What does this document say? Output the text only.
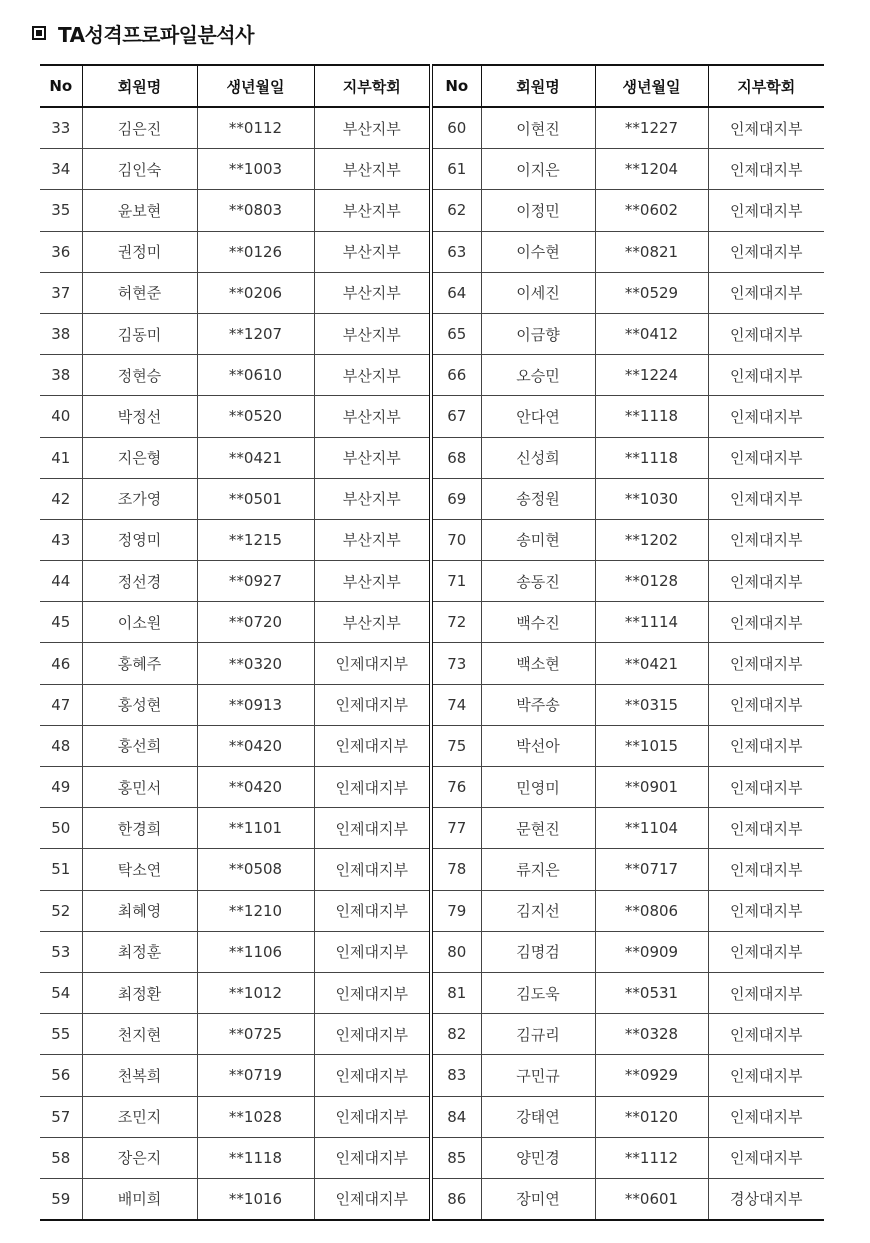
TA성격프로파일분석사
No	회원명	생년월일	지부학회	No	회원명	생년월일	지부학회
33	김은진	**0112	부산지부	60	이현진	**1227	인제대지부
34	김인숙	**1003	부산지부	61	이지은	**1204	인제대지부
35	윤보현	**0803	부산지부	62	이정민	**0602	인제대지부
36	권정미	**0126	부산지부	63	이수현	**0821	인제대지부
37	허현준	**0206	부산지부	64	이세진	**0529	인제대지부
38	김동미	**1207	부산지부	65	이금향	**0412	인제대지부
38	정현승	**0610	부산지부	66	오승민	**1224	인제대지부
40	박정선	**0520	부산지부	67	안다연	**1118	인제대지부
41	지은형	**0421	부산지부	68	신성희	**1118	인제대지부
42	조가영	**0501	부산지부	69	송정원	**1030	인제대지부
43	정영미	**1215	부산지부	70	송미현	**1202	인제대지부
44	정선경	**0927	부산지부	71	송동진	**0128	인제대지부
45	이소원	**0720	부산지부	72	백수진	**1114	인제대지부
46	홍혜주	**0320	인제대지부	73	백소현	**0421	인제대지부
47	홍성현	**0913	인제대지부	74	박주송	**0315	인제대지부
48	홍선희	**0420	인제대지부	75	박선아	**1015	인제대지부
49	홍민서	**0420	인제대지부	76	민영미	**0901	인제대지부
50	한경희	**1101	인제대지부	77	문현진	**1104	인제대지부
51	탁소연	**0508	인제대지부	78	류지은	**0717	인제대지부
52	최혜영	**1210	인제대지부	79	김지선	**0806	인제대지부
53	최정훈	**1106	인제대지부	80	김명검	**0909	인제대지부
54	최정환	**1012	인제대지부	81	김도욱	**0531	인제대지부
55	천지현	**0725	인제대지부	82	김규리	**0328	인제대지부
56	천복희	**0719	인제대지부	83	구민규	**0929	인제대지부
57	조민지	**1028	인제대지부	84	강태연	**0120	인제대지부
58	장은지	**1118	인제대지부	85	양민경	**1112	인제대지부
59	배미희	**1016	인제대지부	86	장미연	**0601	경상대지부
